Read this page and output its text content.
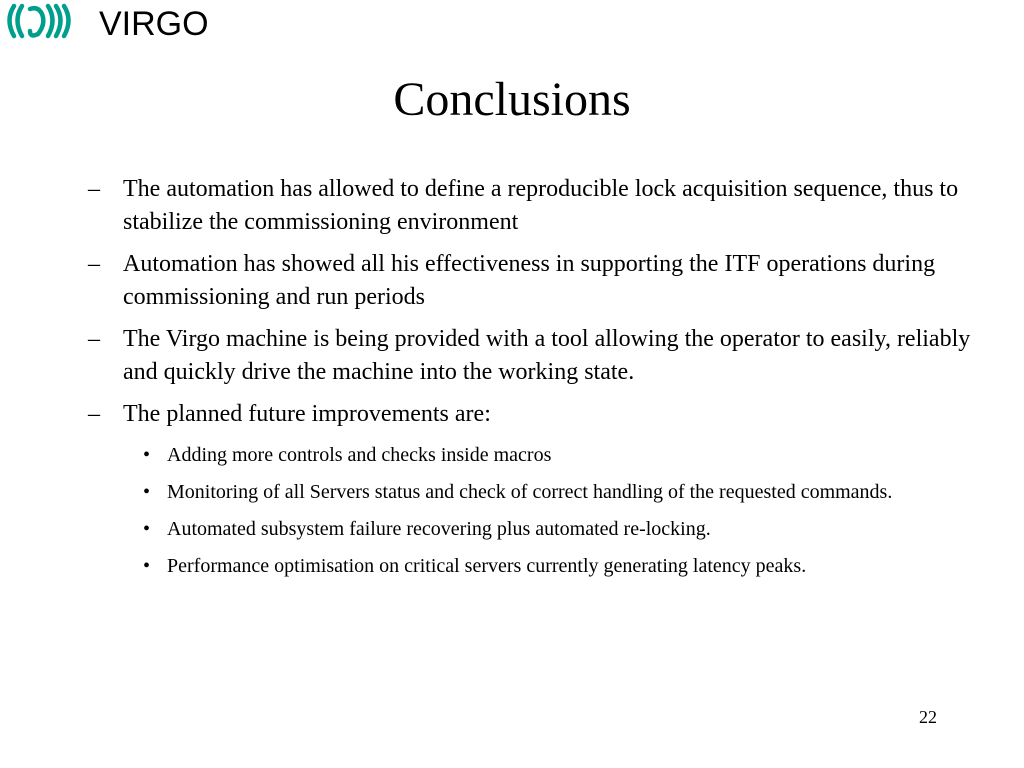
VIRGO
Conclusions
– The automation has allowed to define a reproducible lock acquisition sequence, thus to stabilize the commissioning environment
– Automation has showed all his effectiveness in supporting the ITF operations during commissioning and run periods
– The Virgo machine is being provided with a tool allowing the operator to easily, reliably and quickly drive the machine into the working state.
– The planned future improvements are:
• Adding more controls and checks inside macros
• Monitoring of all Servers status and check of correct handling of the requested commands.
• Automated subsystem failure recovering plus automated re-locking.
• Performance optimisation on critical servers currently generating latency peaks.
22
